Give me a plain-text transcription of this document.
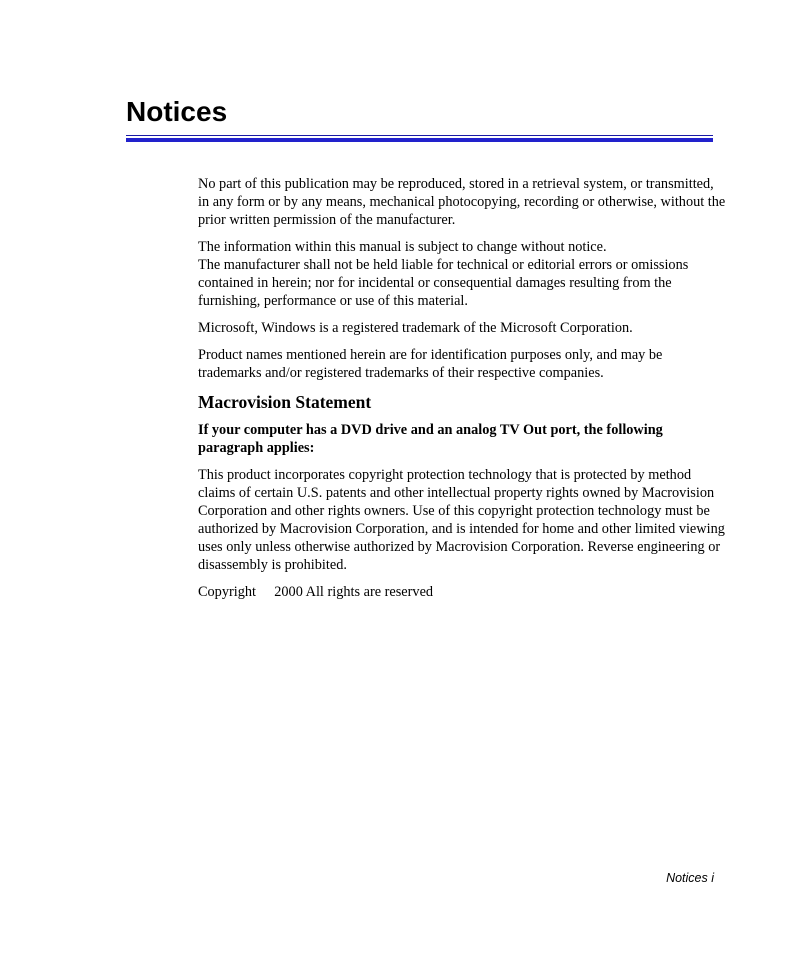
Notices

No part of this publication may be reproduced, stored in a retrieval system, or transmitted, in any form or by any means, mechanical photocopying, recording or otherwise, without the prior written permission of the manufacturer.

The information within this manual is subject to change without notice.
The manufacturer shall not be held liable for technical or editorial errors or omissions contained in herein; nor for incidental or consequential damages resulting from the furnishing, performance or use of this material.

Microsoft, Windows is a registered trademark of the Microsoft Corporation.

Product names mentioned herein are for identification purposes only, and may be trademarks and/or registered trademarks of their respective companies.

Macrovision Statement

If your computer has a DVD drive and an analog TV Out port, the following paragraph applies:

This product incorporates copyright protection technology that is protected by method claims of certain U.S. patents and other intellectual property rights owned by Macrovision Corporation and other rights owners. Use of this copyright protection technology must be authorized by Macrovision Corporation, and is intended for home and other limited viewing uses only unless otherwise authorized by Macrovision Corporation. Reverse engineering or disassembly is prohibited.

Copyright   2000 All rights are reserved

Notices i
